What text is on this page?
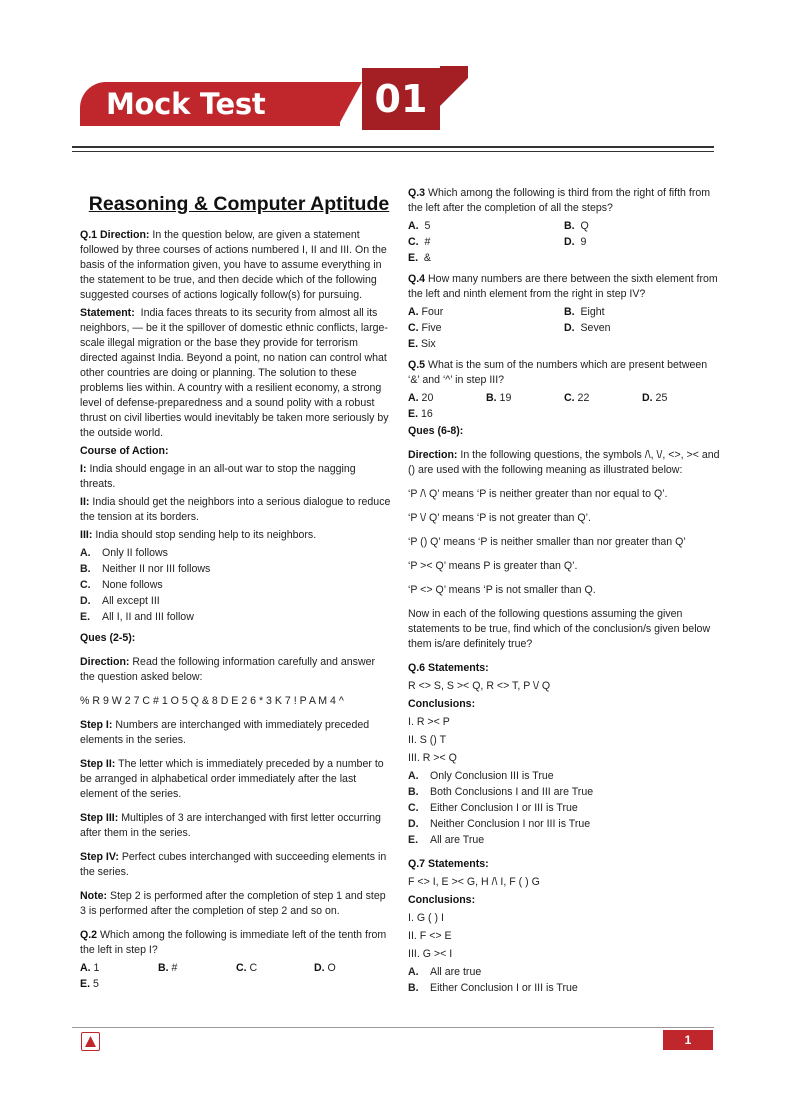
Mock Test	01
Reasoning & Computer Aptitude

Q.1 Direction: In the question below, are given a statement followed by three courses of actions numbered I, II and III. On the basis of the information given, you have to assume everything in the statement to be true, and then decide which of the following suggested courses of actions logically follow(s) for pursuing.

Statement: India faces threats to its security from almost all its neighbors, — be it the spillover of domestic ethnic conflicts, large-scale illegal migration or the base they provide for terrorism directed against India. Beyond a point, no nation can control what other countries are doing or planning. The solution to these problems lies within. A country with a resilient economy, a strong level of defense-preparedness and a sound polity with a robust thrust on civil liberties would inevitably be taken more seriously by the outside world.

Course of Action:

I: India should engage in an all-out war to stop the nagging threats.

II: India should get the neighbors into a serious dialogue to reduce the tension at its borders.

III: India should stop sending help to its neighbors.

A.	Only II follows
B.	Neither II nor III follows
C.	None follows
D.	All except III
E.	All I, II and III follow

Ques (2-5):

Direction: Read the following information carefully and answer the question asked below:

% R 9 W 2 7 C # 1 O 5 Q & 8 D E 2 6 * 3 K 7 ! P A M 4 ^

Step I: Numbers are interchanged with immediately preceded elements in the series.

Step II: The letter which is immediately preceded by a number to be arranged in alphabetical order immediately after the last element of the series.

Step III: Multiples of 3 are interchanged with first letter occurring after them in the series.

Step IV: Perfect cubes interchanged with succeeding elements in the series.

Note: Step 2 is performed after the completion of step 1 and step 3 is performed after the completion of step 2 and so on.

Q.2 Which among the following is immediate left of the tenth from the left in step I?

A. 1	B. #	C. C	D. O
E. 5

Q.3 Which among the following is third from the right of fifth from the left after the completion of all the steps?

A. 5	B. Q
C. #	D. 9
E. &

Q.4 How many numbers are there between the sixth element from the left and ninth element from the right in step IV?

A. Four	B. Eight
C. Five	D. Seven
E. Six

Q.5 What is the sum of the numbers which are present between ‘&’ and ‘^’ in step III?

A. 20	B. 19	C. 22	D. 25
E. 16

Ques (6-8):

Direction: In the following questions, the symbols /\, \/, <>, >< and () are used with the following meaning as illustrated below:

‘P /\ Q’ means ‘P is neither greater than nor equal to Q’.

‘P \/ Q’ means ‘P is not greater than Q’.

‘P () Q’ means ‘P is neither smaller than nor greater than Q’

‘P >< Q’ means P is greater than Q’.

‘P <> Q’ means ‘P is not smaller than Q.

Now in each of the following questions assuming the given statements to be true, find which of the conclusion/s given below them is/are definitely true?

Q.6 Statements:

R <> S, S >< Q, R <> T, P \/ Q

Conclusions:

I. R >< P

II. S () T

III. R >< Q

A.	Only Conclusion III is True
B.	Both Conclusions I and III are True
C.	Either Conclusion I or III is True
D.	Neither Conclusion I nor III is True
E.	All are True

Q.7 Statements:

F <> I, E >< G, H /\ I, F ( ) G

Conclusions:

I. G ( ) I

II. F <> E

III. G >< I

A.	All are true
B.	Either Conclusion I or III is True
1
